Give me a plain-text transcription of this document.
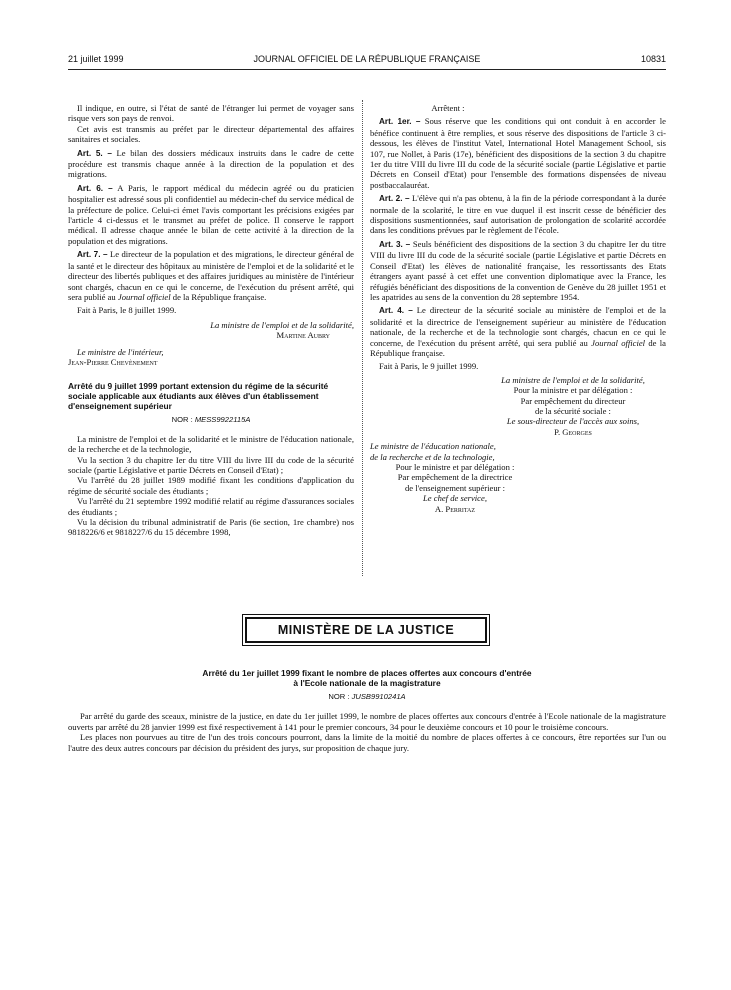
21 juillet 1999	JOURNAL OFFICIEL DE LA RÉPUBLIQUE FRANÇAISE	10831

Il indique, en outre, si l'état de santé de l'étranger lui permet de voyager sans risque vers son pays de renvoi.

Cet avis est transmis au préfet par le directeur départemental des affaires sanitaires et sociales.

Art. 5. – Le bilan des dossiers médicaux instruits dans le cadre de cette procédure est transmis chaque année à la direction de la population et des migrations.

Art. 6. – A Paris, le rapport médical du médecin agréé ou du praticien hospitalier est adressé sous pli confidentiel au médecin-chef du service médical de la préfecture de police. Celui-ci émet l'avis comportant les précisions exigées par l'article 4 ci-dessus et le transmet au préfet de police. Il conserve le rapport médical. Il adresse chaque année le bilan de cette activité à la direction de la population et des migrations.

Art. 7. – Le directeur de la population et des migrations, le directeur général de la santé et le directeur des hôpitaux au ministère de l'emploi et de la solidarité et le directeur des libertés publiques et des affaires juridiques au ministère de l'intérieur sont chargés, chacun en ce qui le concerne, de l'exécution du présent arrêté, qui sera publié au Journal officiel de la République française.

Fait à Paris, le 8 juillet 1999.

La ministre de l'emploi et de la solidarité,

Martine Aubry

Le ministre de l'intérieur,

Jean-Pierre Chevènement

Arrêté du 9 juillet 1999 portant extension du régime de la sécurité sociale applicable aux étudiants aux élèves d'un établissement d'enseignement supérieur
NOR : MESS9922115A

La ministre de l'emploi et de la solidarité et le ministre de l'éducation nationale, de la recherche et de la technologie,

Vu la section 3 du chapitre Ier du titre VIII du livre III du code de la sécurité sociale (partie Législative et partie Décrets en Conseil d'Etat) ;

Vu l'arrêté du 28 juillet 1989 modifié fixant les conditions d'application du régime de sécurité sociale des étudiants ;

Vu l'arrêté du 21 septembre 1992 modifié relatif au régime d'assurances sociales des étudiants ;

Vu la décision du tribunal administratif de Paris (6e section, 1re chambre) nos 9818226/6 et 9818227/6 du 15 décembre 1998,

Arrêtent :

Art. 1er. – Sous réserve que les conditions qui ont conduit à en accorder le bénéfice continuent à être remplies, et sous réserve des dispositions de l'article 3 ci-dessous, les élèves de l'institut Vatel, International Hotel Management School, sis 107, rue Nollet, à Paris (17e), bénéficient des dispositions de la section 3 du chapitre 1er du titre VIII du livre III du code de la sécurité sociale (partie Législative et partie Décrets en Conseil d'Etat) pour l'ensemble des formations dispensées de niveau postbaccalauréat.

Art. 2. – L'élève qui n'a pas obtenu, à la fin de la période correspondant à la durée normale de la scolarité, le titre en vue duquel il est inscrit cesse de bénéficier des dispositions susmentionnées, sauf autorisation de prolongation de scolarité accordée dans les conditions prévues par le règlement de l'école.

Art. 3. – Seuls bénéficient des dispositions de la section 3 du chapitre Ier du titre VIII du livre III du code de la sécurité sociale (partie Législative et partie Décrets en Conseil d'Etat) les élèves de nationalité française, les ressortissants des Etats étrangers ayant passé à cet effet une convention diplomatique avec la France, les réfugiés bénéficiant des dispositions de la convention de Genève du 28 juillet 1951 et les apatrides au sens de la convention du 28 septembre 1954.

Art. 4. – Le directeur de la sécurité sociale au ministère de l'emploi et de la solidarité et la directrice de l'enseignement supérieur au ministère de l'éducation nationale, de la recherche et de la technologie sont chargés, chacun en ce qui le concerne, de l'exécution du présent arrêté, qui sera publié au Journal officiel de la République française.

Fait à Paris, le 9 juillet 1999.

La ministre de l'emploi et de la solidarité,

Pour la ministre et par délégation :

Par empêchement du directeur

de la sécurité sociale :

Le sous-directeur de l'accès aux soins,

P. Georges

Le ministre de l'éducation nationale,

de la recherche et de la technologie,

Pour le ministre et par délégation :

Par empêchement de la directrice

de l'enseignement supérieur :

Le chef de service,

A. Perritaz

MINISTÈRE DE LA JUSTICE
Arrêté du 1er juillet 1999 fixant le nombre de places offertes aux concours d'entrée
à l'Ecole nationale de la magistrature
NOR : JUSB9910241A

Par arrêté du garde des sceaux, ministre de la justice, en date du 1er juillet 1999, le nombre de places offertes aux concours d'entrée à l'Ecole nationale de la magistrature ouverts par arrêté du 28 janvier 1999 est fixé respectivement à 141 pour le premier concours, 34 pour le deuxième concours et 10 pour le troisième concours.

Les places non pourvues au titre de l'un des trois concours pourront, dans la limite de la moitié du nombre de places offertes à ce concours, être reportées sur l'un ou l'autre des deux autres concours par décision du président des jurys, sur proposition de chaque jury.
